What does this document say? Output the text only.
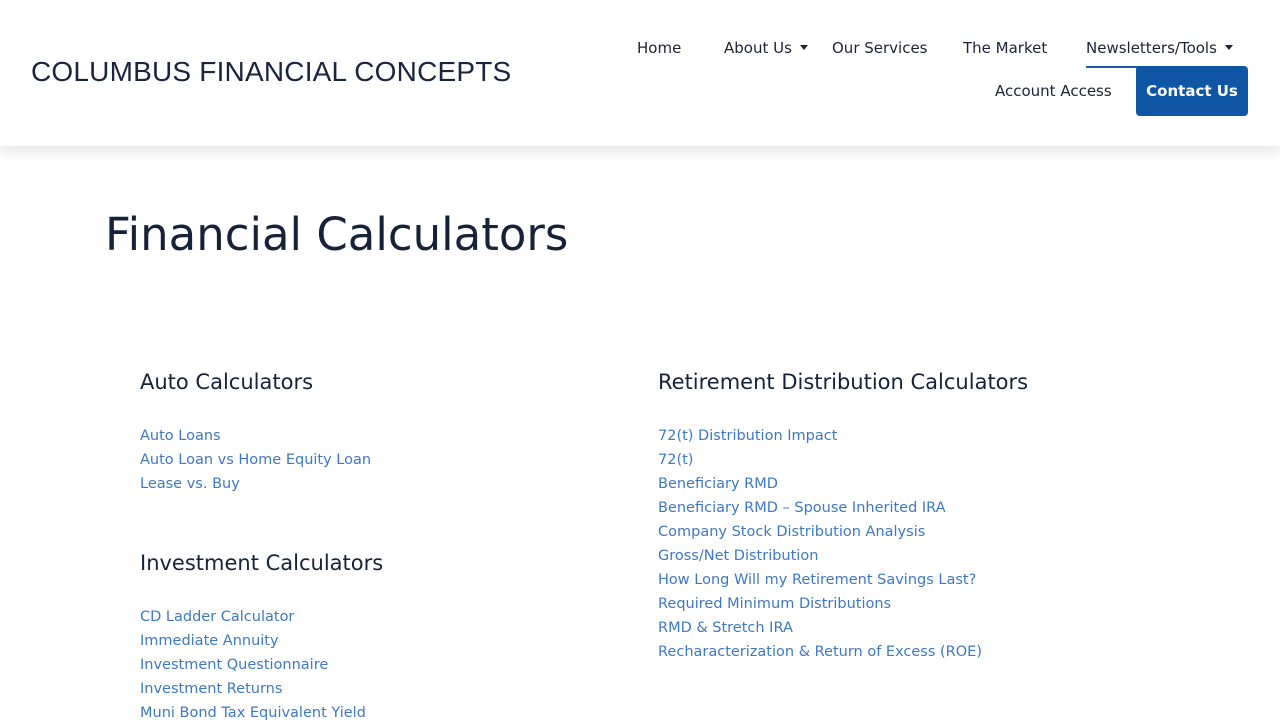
COLUMBUS FINANCIAL CONCEPTS
Home	About Us	Our Services The Market	Newsletters/Tools
Account Access	Contact Us
Financial Calculators
Auto Calculators
Auto Loans
Auto Loan vs Home Equity Loan
Lease vs. Buy
Investment Calculators
CD Ladder Calculator
Immediate Annuity
Investment Questionnaire
Investment Returns
Muni Bond Tax Equivalent Yield
Retirement Distribution Calculators
72(t) Distribution Impact
72(t)
Beneficiary RMD
Beneficiary RMD – Spouse Inherited IRA
Company Stock Distribution Analysis
Gross/Net Distribution
How Long Will my Retirement Savings Last?
Required Minimum Distributions
RMD & Stretch IRA
Recharacterization & Return of Excess (ROE)
